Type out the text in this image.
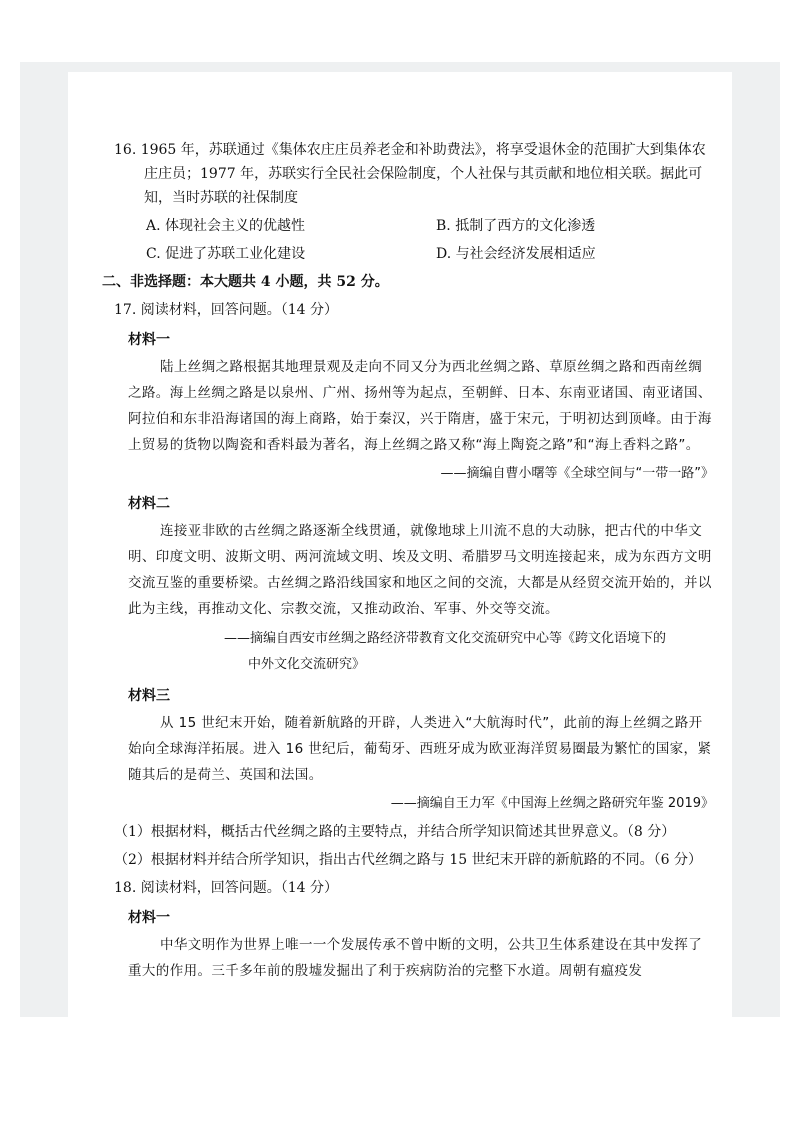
16. 1965 年，苏联通过《集体农庄庄员养老金和补助费法》，将享受退休金的范围扩大到集体农

庄庄员；1977 年，苏联实行全民社会保险制度，个人社保与其贡献和地位相关联。据此可

知，当时苏联的社保制度

A. 体现社会主义的优越性	B. 抵制了西方的文化渗透

C. 促进了苏联工业化建设	D. 与社会经济发展相适应

二、非选择题：本大题共 4 小题，共 52 分。

17. 阅读材料，回答问题。（14 分）

材料一

陆上丝绸之路根据其地理景观及走向不同又分为西北丝绸之路、草原丝绸之路和西南丝绸之路。海上丝绸之路是以泉州、广州、扬州等为起点，至朝鲜、日本、东南亚诸国、南亚诸国、阿拉伯和东非沿海诸国的海上商路，始于秦汉，兴于隋唐，盛于宋元，于明初达到顶峰。由于海上贸易的货物以陶瓷和香料最为著名，海上丝绸之路又称“海上陶瓷之路”和“海上香料之路”。

——摘编自曹小曙等《全球空间与“一带一路”》

材料二

连接亚非欧的古丝绸之路逐渐全线贯通，就像地球上川流不息的大动脉，把古代的中华文明、印度文明、波斯文明、两河流域文明、埃及文明、希腊罗马文明连接起来，成为东西方文明交流互鉴的重要桥梁。古丝绸之路沿线国家和地区之间的交流，大都是从经贸交流开始的，并以此为主线，再推动文化、宗教交流，又推动政治、军事、外交等交流。

——摘编自西安市丝绸之路经济带教育文化交流研究中心等《跨文化语境下的
中外文化交流研究》

材料三

从 15 世纪末开始，随着新航路的开辟，人类进入“大航海时代”，此前的海上丝绸之路开始向全球海洋拓展。进入 16 世纪后，葡萄牙、西班牙成为欧亚海洋贸易圈最为繁忙的国家，紧随其后的是荷兰、英国和法国。

——摘编自王力军《中国海上丝绸之路研究年鉴 2019》

（1）根据材料，概括古代丝绸之路的主要特点，并结合所学知识简述其世界意义。（8 分）

（2）根据材料并结合所学知识，指出古代丝绸之路与 15 世纪末开辟的新航路的不同。（6 分）

18. 阅读材料，回答问题。（14 分）

材料一

中华文明作为世界上唯一一个发展传承不曾中断的文明，公共卫生体系建设在其中发挥了重大的作用。三千多年前的殷墟发掘出了利于疾病防治的完整下水道。周朝有瘟疫发
